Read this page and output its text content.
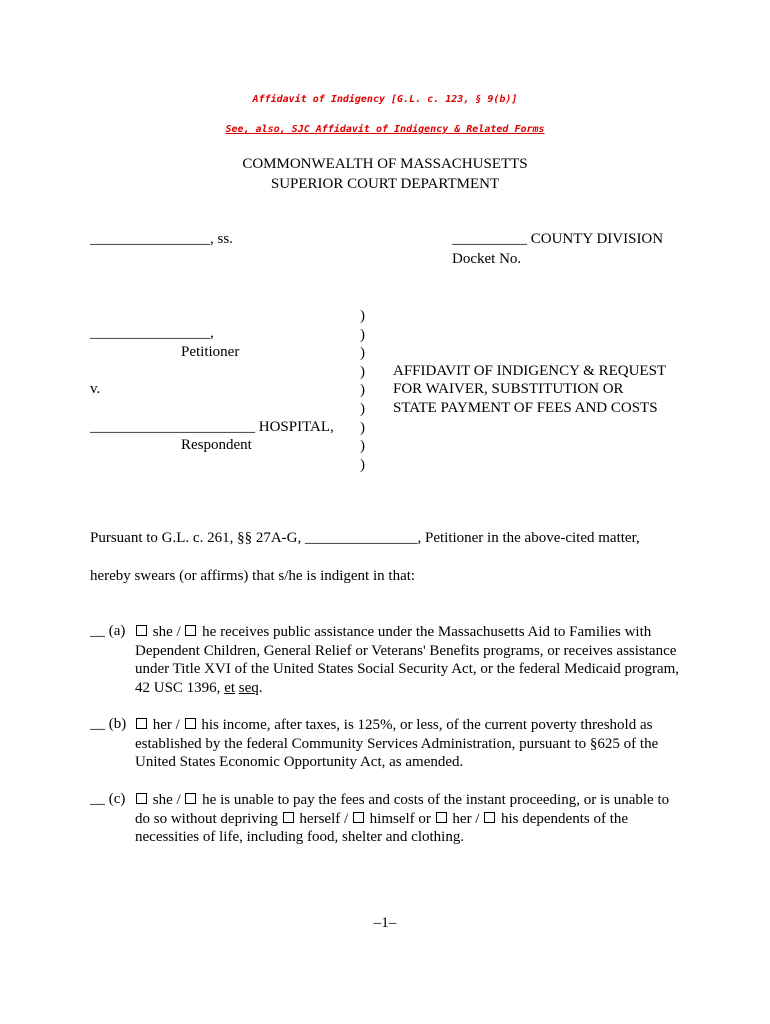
Affidavit of Indigency [G.L. c. 123, § 9(b)]
See, also, SJC Affidavit of Indigency & Related Forms
COMMONWEALTH OF MASSACHUSETTS
SUPERIOR COURT DEPARTMENT
________________, ss.	__________ COUNTY DIVISION
Docket No.
________________,
Petitioner
v.
______________________ HOSPITAL,
Respondent
)
)
)
)
)
)
)
)
)
AFFIDAVIT OF INDIGENCY & REQUEST
FOR WAIVER, SUBSTITUTION OR
STATE PAYMENT OF FEES AND COSTS
Pursuant to G.L. c. 261, §§ 27A-G, _______________, Petitioner in the above-cited matter,
hereby swears (or affirms) that s/he is indigent in that:
__ (a)	she / he receives public assistance under the Massachusetts Aid to Families with Dependent Children, General Relief or Veterans' Benefits programs, or receives assistance under Title XVI of the United States Social Security Act, or the federal Medicaid program, 42 USC 1396, et seq.
__ (b)	her / his income, after taxes, is 125%, or less, of the current poverty threshold as established by the federal Community Services Administration, pursuant to §625 of the United States Economic Opportunity Act, as amended.
__ (c)	she / he is unable to pay the fees and costs of the instant proceeding, or is unable to do so without depriving herself / himself or her / his dependents of the necessities of life, including food, shelter and clothing.
–1–
